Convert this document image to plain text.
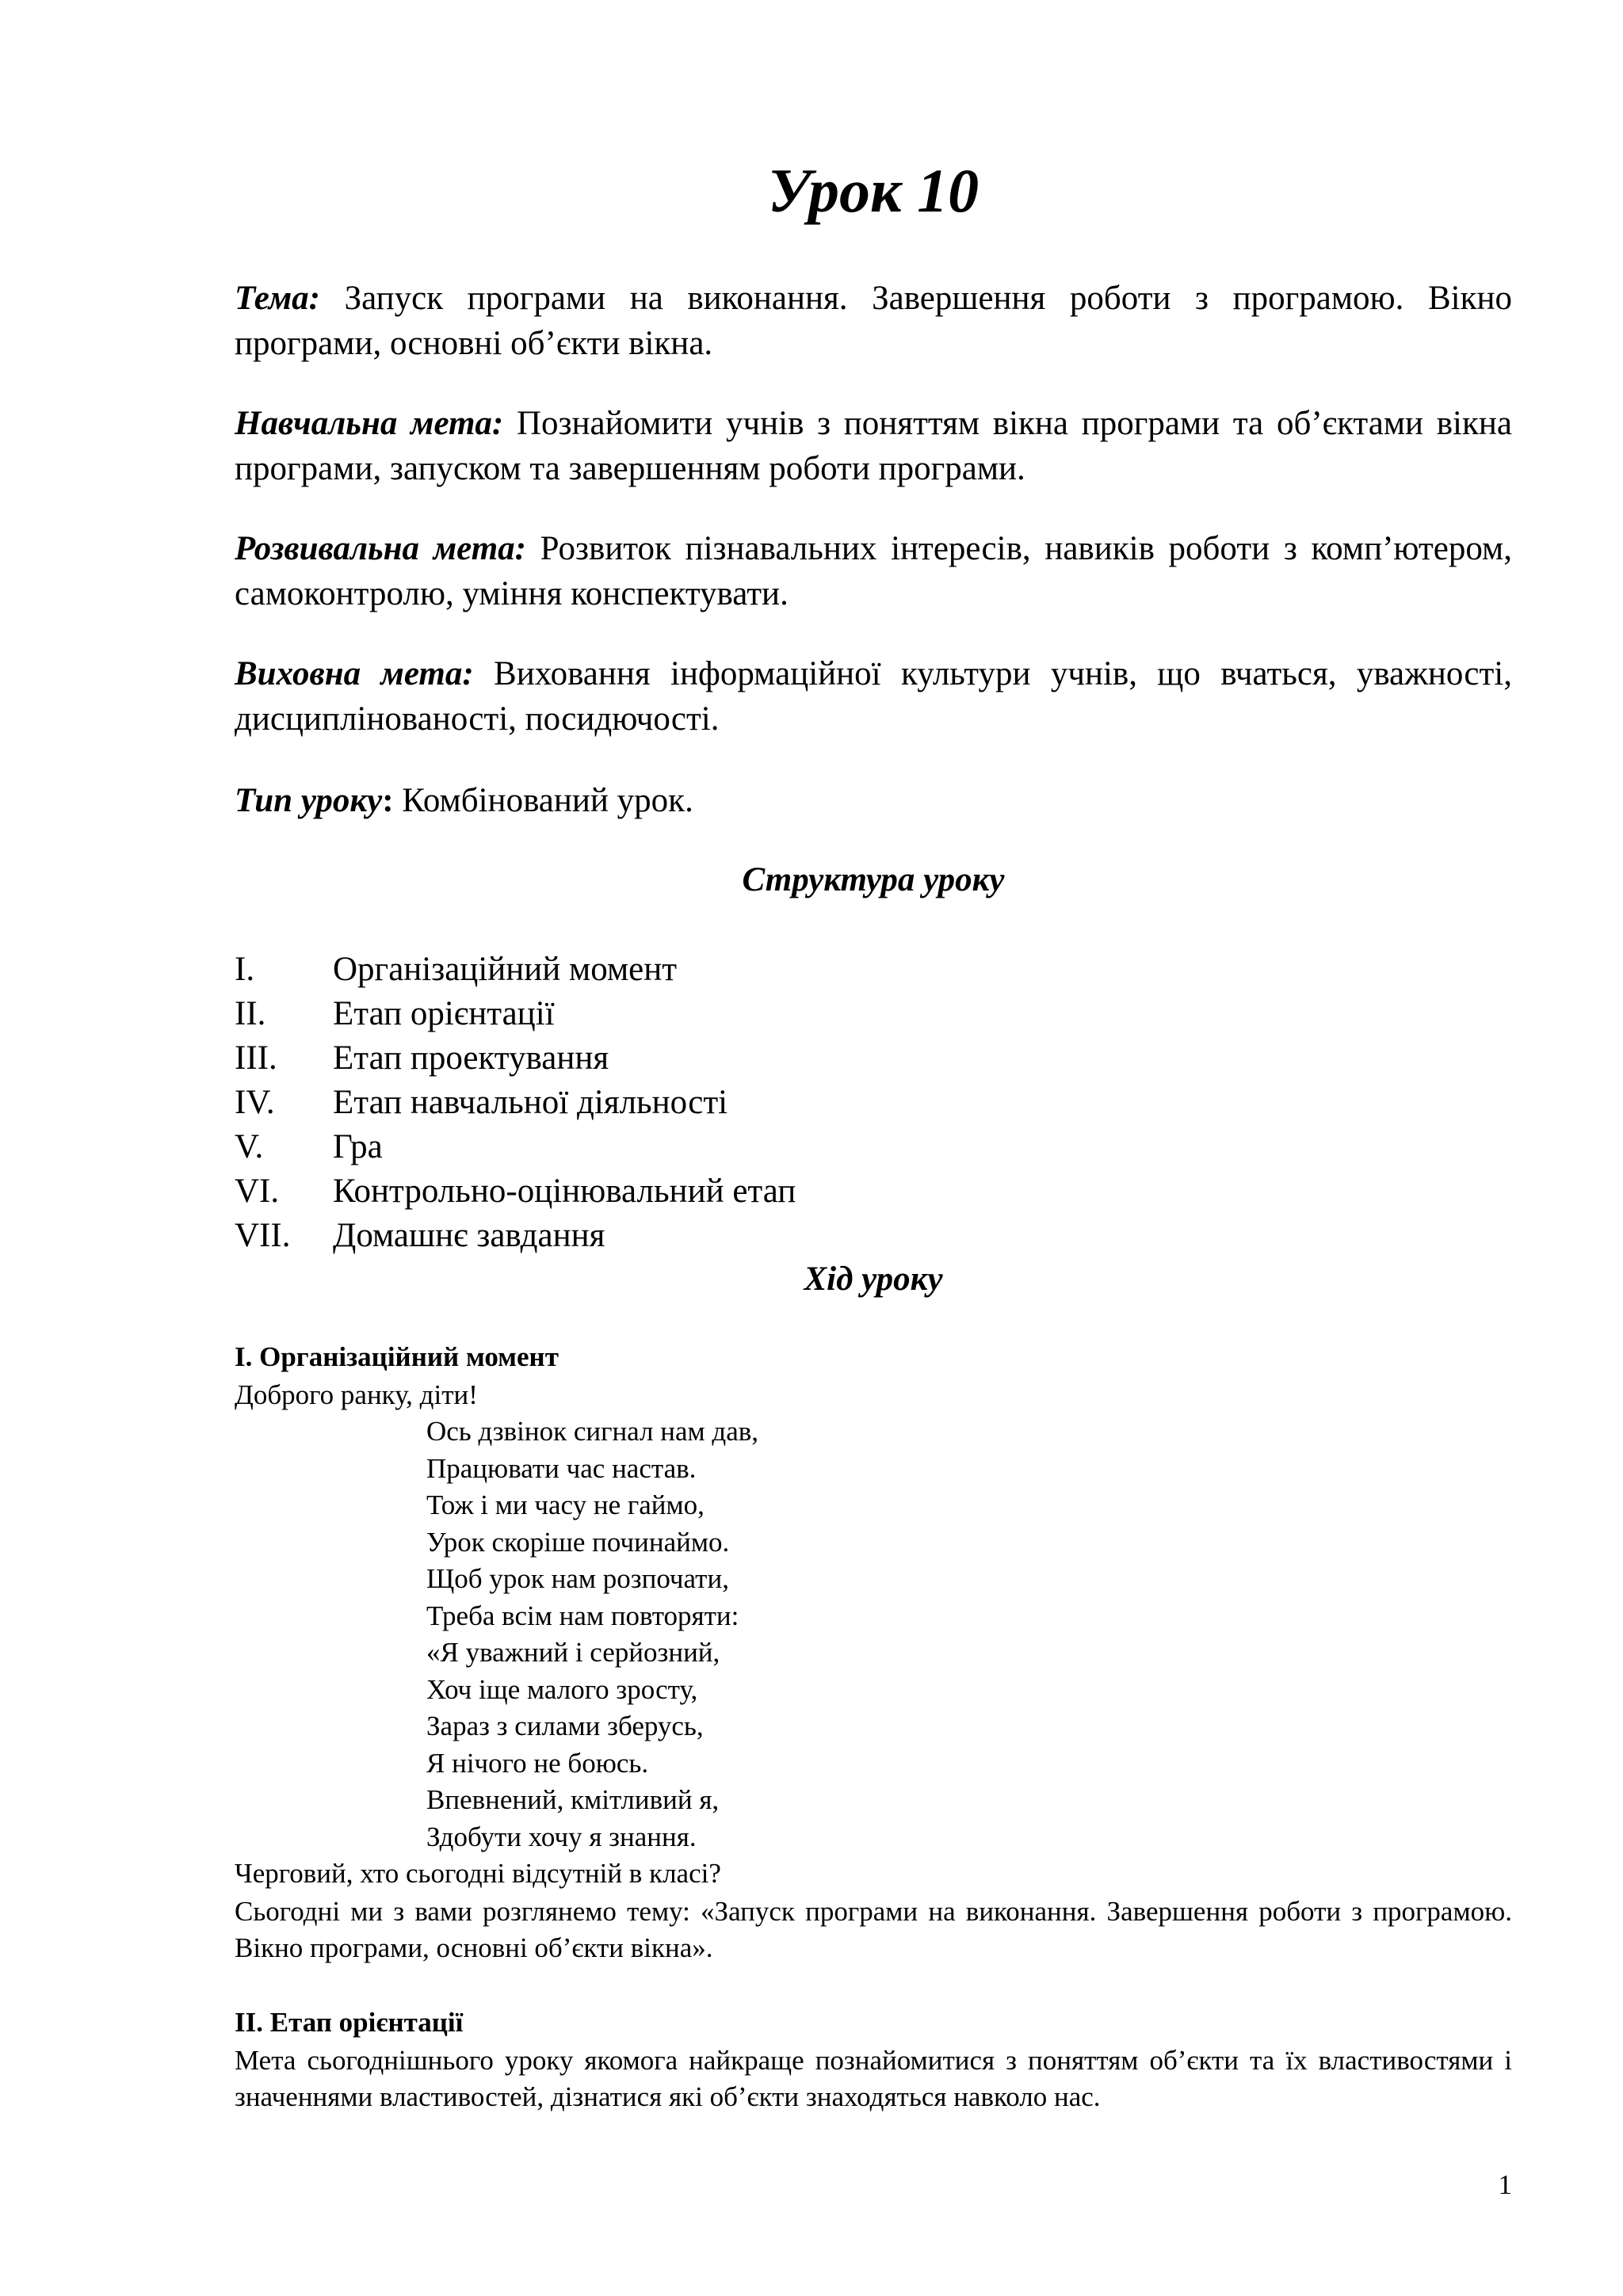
Урок 10

Тема: Запуск програми на виконання. Завершення роботи з програмою. Вікно програми, основні об’єкти вікна.

Навчальна мета: Познайомити учнів з поняттям вікна програми та об’єктами вікна програми, запуском та завершенням роботи програми.

Розвивальна мета: Розвиток пізнавальних інтересів, навиків роботи з комп’ютером, самоконтролю, уміння конспектувати.

Виховна мета: Виховання інформаційної культури учнів, що вчаться, уважності, дисциплінованості, посидючості.

Тип уроку: Комбінований урок.

Структура уроку
I. Організаційний момент
II. Етап орієнтації
III. Етап проектування
IV. Етап навчальної діяльності
V. Гра
VI. Контрольно-оцінювальний етап
VII. Домашнє завдання
Хід уроку
I. Організаційний момент

Доброго ранку, діти!

Ось дзвінок сигнал нам дав,
Працювати час настав.
Тож і ми часу не гаймо,
Урок скоріше починаймо.
Щоб урок нам розпочати,
Треба всім нам повторяти:
«Я уважний і серйозний,
Хоч іще малого зросту,
Зараз з силами зберусь,
Я нічого не боюсь.
Впевнений, кмітливий я,
Здобути хочу я знання.

Черговий, хто сьогодні відсутній в класі?

Сьогодні ми з вами розглянемо тему: «Запуск програми на виконання. Завершення роботи з програмою. Вікно програми, основні об’єкти вікна».

II. Етап орієнтації

Мета сьогоднішнього уроку якомога найкраще познайомитися з поняттям об’єкти та їх властивостями і значеннями властивостей, дізнатися які об’єкти знаходяться навколо нас.

1
